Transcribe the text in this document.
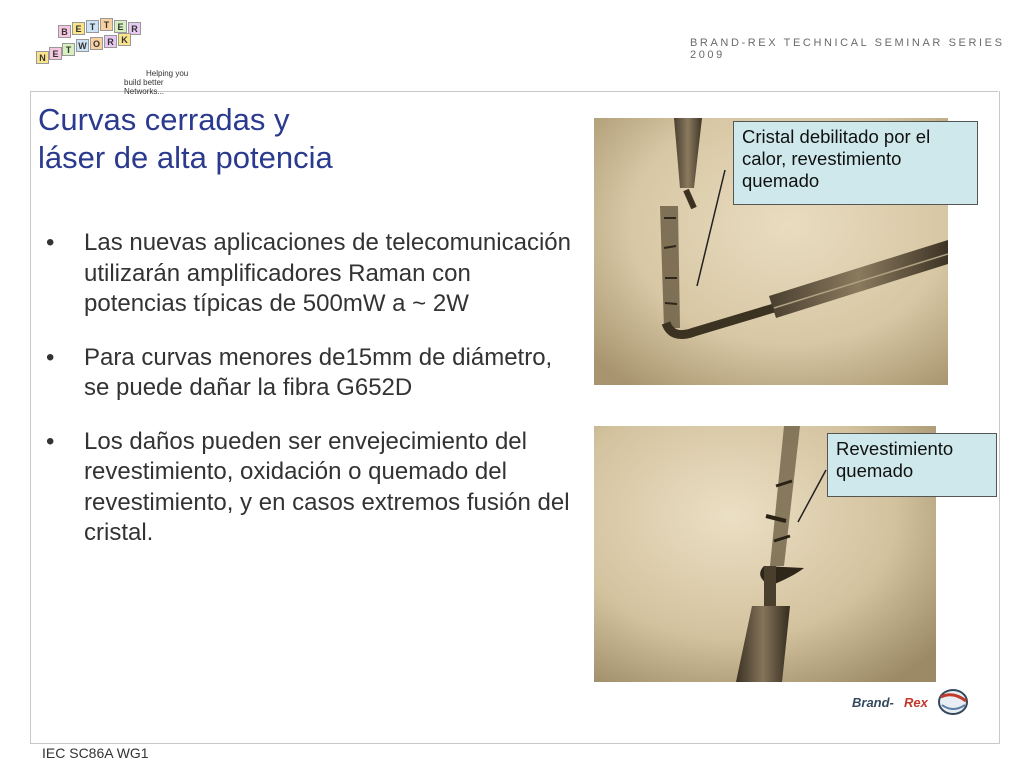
B E T T E R
N E T W O R K
Helping you
build better Networks...
BRAND-REX TECHNICAL SEMINAR SERIES 2009
Curvas cerradas y
láser de alta potencia
• Las nuevas aplicaciones de telecomunicación utilizarán amplificadores Raman con potencias típicas de 500mW a ~ 2W
• Para curvas menores de15mm de diámetro, se puede dañar la fibra G652D
• Los daños pueden ser envejecimiento del revestimiento, oxidación o quemado del revestimiento, y en casos extremos fusión del cristal.
Cristal debilitado por el calor, revestimiento quemado
Revestimiento quemado
Brand- Rex
IEC SC86A WG1
